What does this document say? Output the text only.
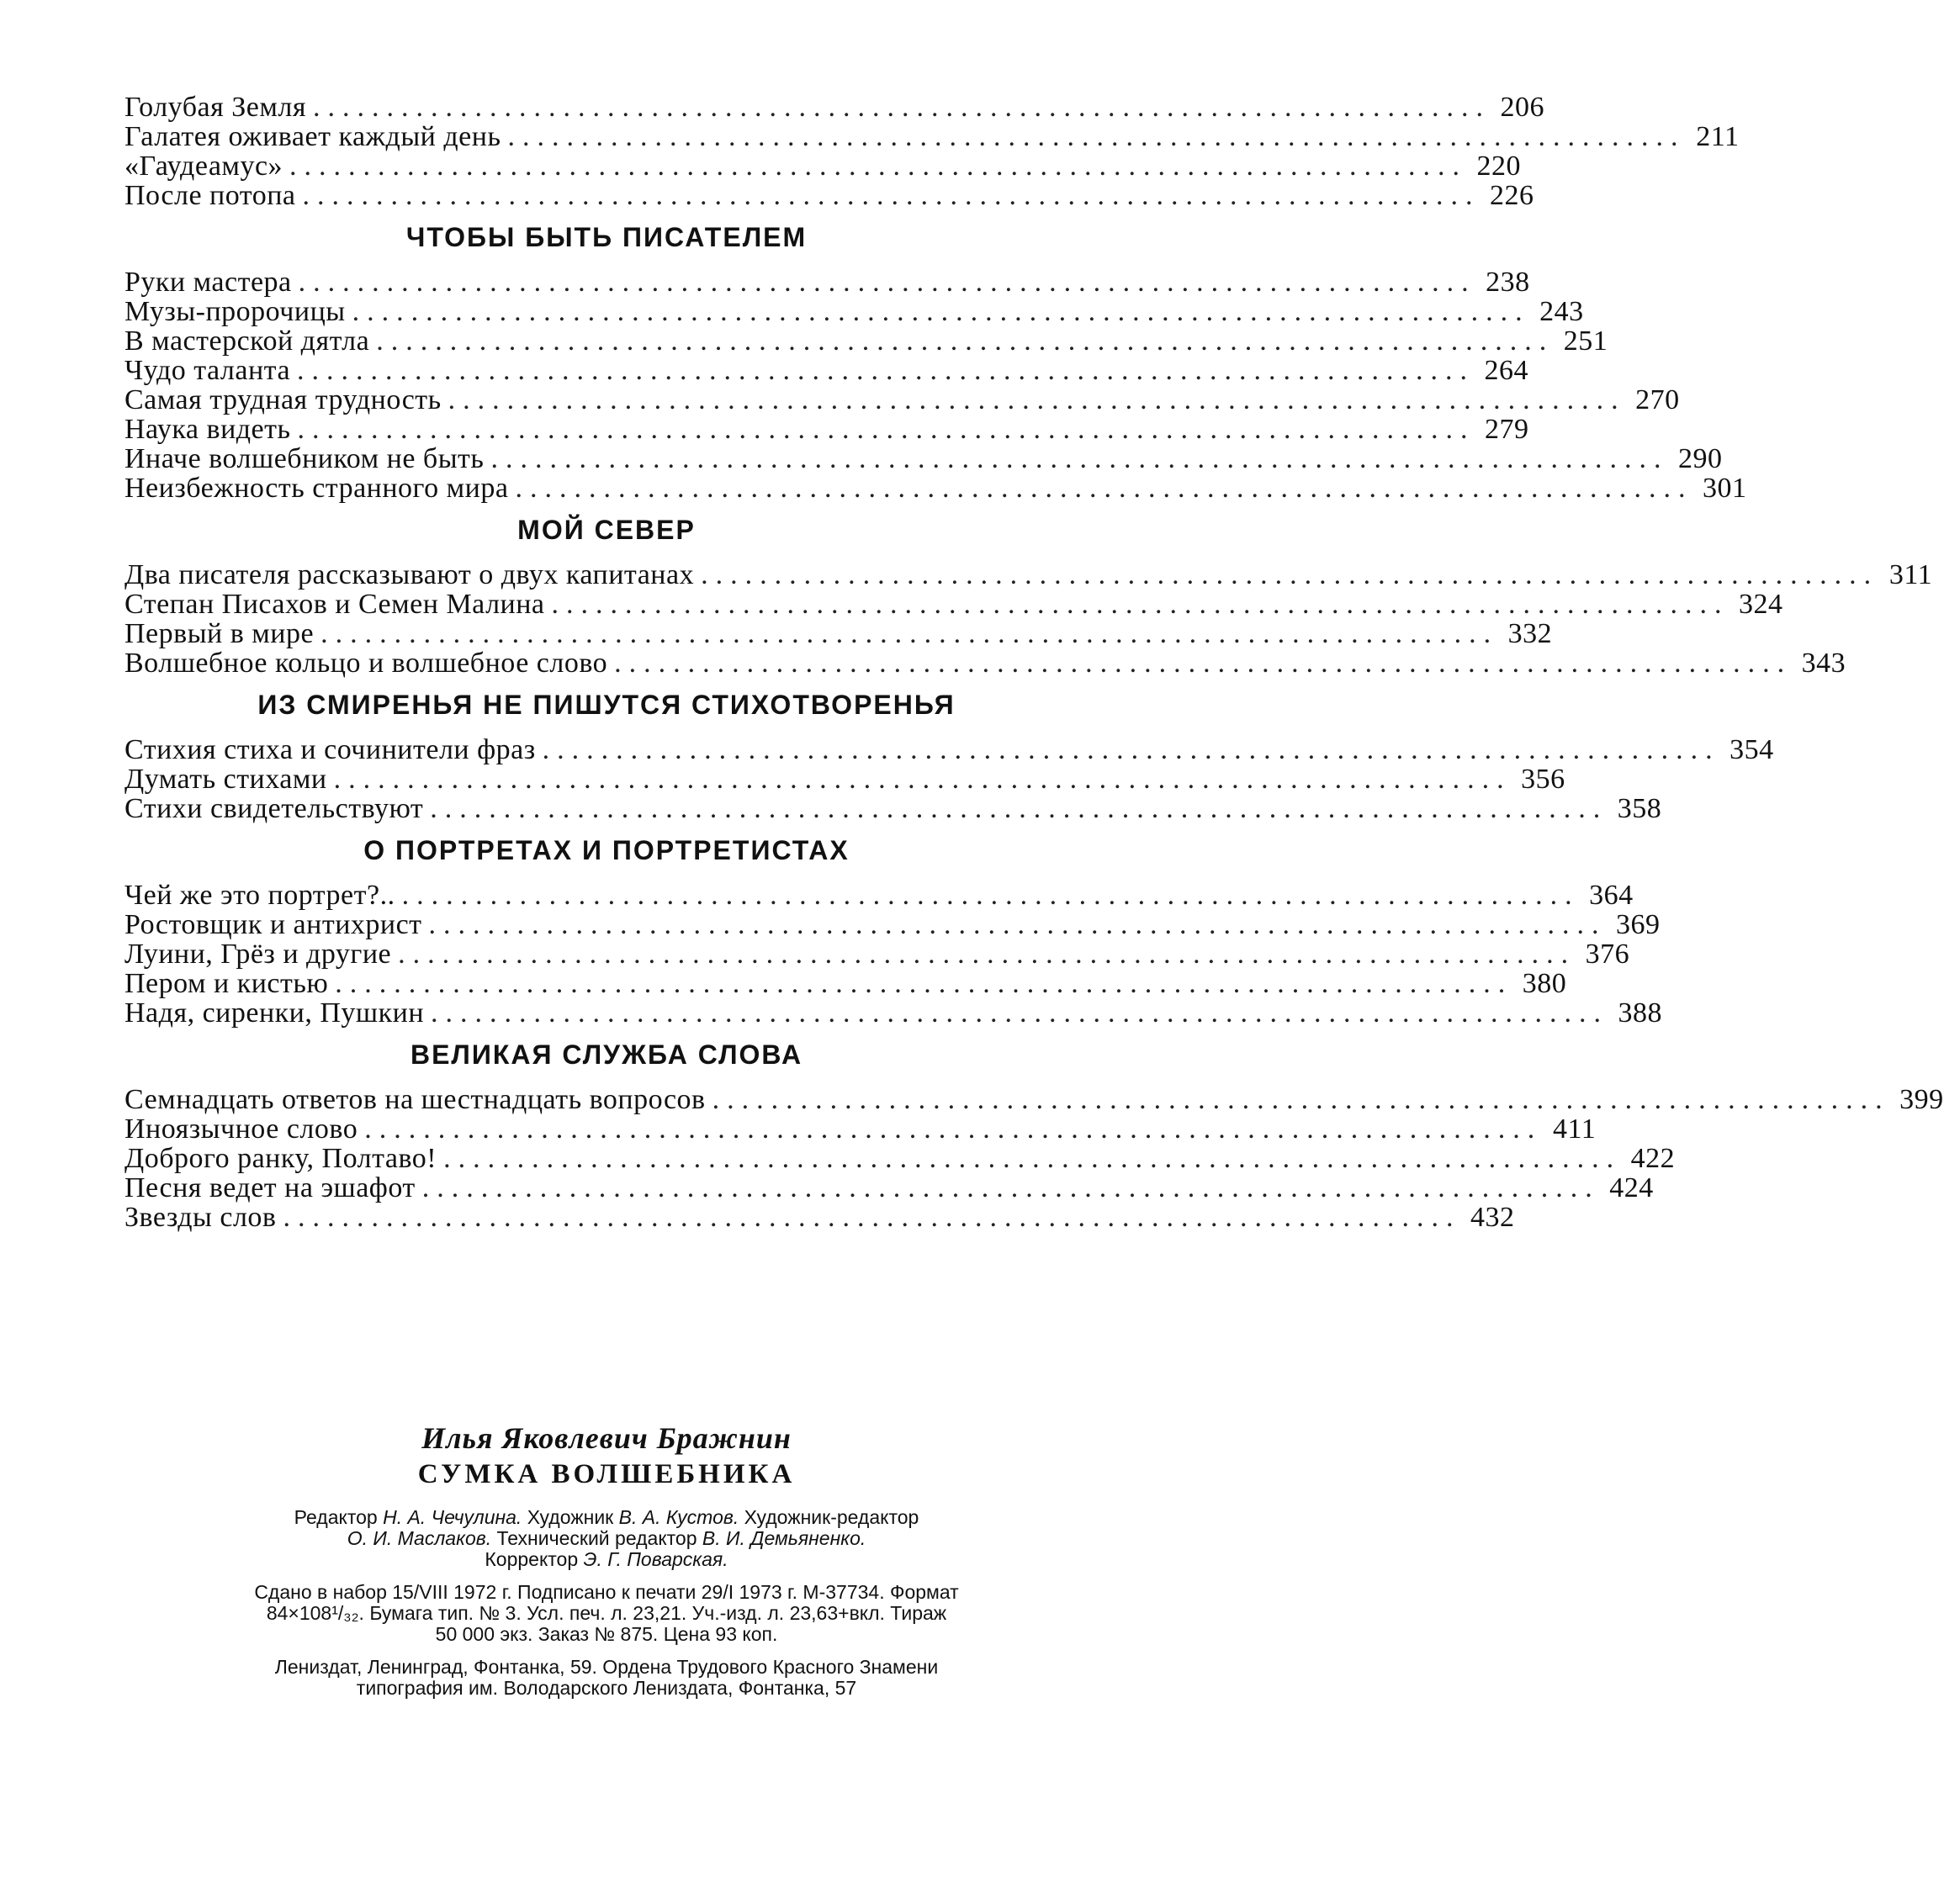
Голубая Земля ................................................................................ 206
Галатея оживает каждый день ................................................................................ 211
«Гаудеамус» ................................................................................ 220
После потопа ................................................................................ 226
ЧТОБЫ БЫТЬ ПИСАТЕЛЕМ
Руки мастера ................................................................................ 238
Музы-пророчицы ................................................................................ 243
В мастерской дятла ................................................................................ 251
Чудо таланта ................................................................................ 264
Самая трудная трудность ................................................................................ 270
Наука видеть ................................................................................ 279
Иначе волшебником не быть ................................................................................ 290
Неизбежность странного мира ................................................................................ 301
МОЙ СЕВЕР
Два писателя рассказывают о двух капитанах ................................................................................ 311
Степан Писахов и Семен Малина ................................................................................ 324
Первый в мире ................................................................................ 332
Волшебное кольцо и волшебное слово ................................................................................ 343
ИЗ СМИРЕНЬЯ НЕ ПИШУТСЯ СТИХОТВОРЕНЬЯ
Стихия стиха и сочинители фраз ................................................................................ 354
Думать стихами ................................................................................ 356
Стихи свидетельствуют ................................................................................ 358
О ПОРТРЕТАХ И ПОРТРЕТИСТАХ
Чей же это портрет?.. ................................................................................ 364
Ростовщик и антихрист ................................................................................ 369
Луини, Грёз и другие ................................................................................ 376
Пером и кистью ................................................................................ 380
Надя, сиренки, Пушкин ................................................................................ 388
ВЕЛИКАЯ СЛУЖБА СЛОВА
Семнадцать ответов на шестнадцать вопросов ................................................................................ 399
Иноязычное слово ................................................................................ 411
Доброго ранку, Полтаво! ................................................................................ 422
Песня ведет на эшафот ................................................................................ 424
Звезды слов ................................................................................ 432
Илья Яковлевич Бражнин
СУМКА ВОЛШЕБНИКА
Редактор Н. А. Чечулина. Художник В. А. Кустов. Художник-редактор
О. И. Маслаков. Технический редактор В. И. Демьяненко.
Корректор Э. Г. Поварская.
Сдано в набор 15/VIII 1972 г. Подписано к печати 29/I 1973 г. М-37734. Формат
84×108¹/₃₂. Бумага тип. № 3. Усл. печ. л. 23,21. Уч.-изд. л. 23,63+вкл. Тираж
50 000 экз. Заказ № 875. Цена 93 коп.
Лениздат, Ленинград, Фонтанка, 59. Ордена Трудового Красного Знамени
типография им. Володарского Лениздата, Фонтанка, 57
